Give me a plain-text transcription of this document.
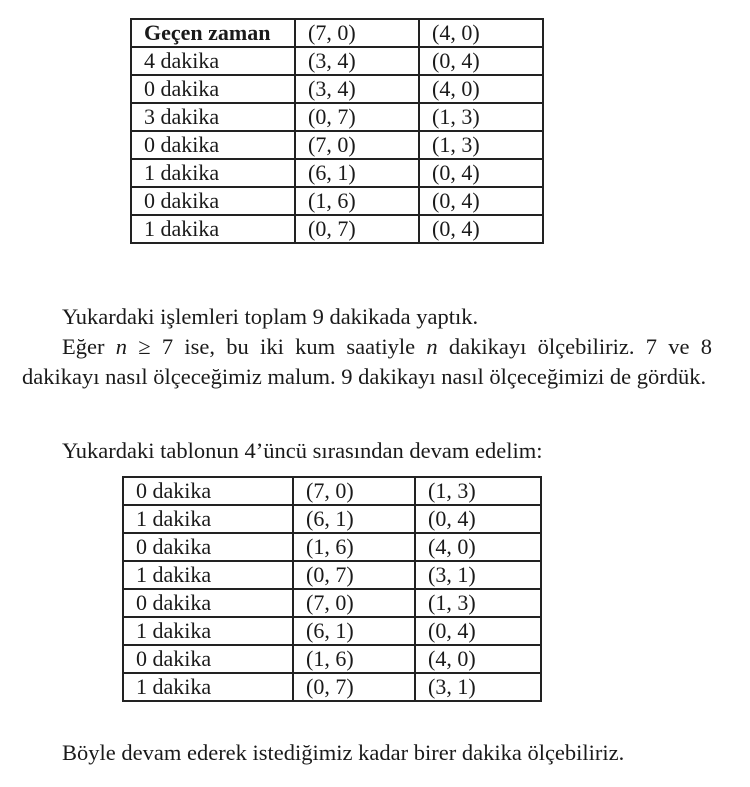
Geçen zaman	(7, 0)	(4, 0)
4 dakika	(3, 4)	(0, 4)
0 dakika	(3, 4)	(4, 0)
3 dakika	(0, 7)	(1, 3)
0 dakika	(7, 0)	(1, 3)
1 dakika	(6, 1)	(0, 4)
0 dakika	(1, 6)	(0, 4)
1 dakika	(0, 7)	(0, 4)

Yukardaki işlemleri toplam 9 dakikada yaptık.

Eğer n ≥ 7 ise, bu iki kum saatiyle n dakikayı ölçebiliriz. 7 ve 8 dakikayı nasıl ölçeceğimiz malum. 9 dakikayı nasıl ölçeceğimizi de gördük.

Yukardaki tablonun 4’üncü sırasından devam edelim:

0 dakika	(7, 0)	(1, 3)
1 dakika	(6, 1)	(0, 4)
0 dakika	(1, 6)	(4, 0)
1 dakika	(0, 7)	(3, 1)
0 dakika	(7, 0)	(1, 3)
1 dakika	(6, 1)	(0, 4)
0 dakika	(1, 6)	(4, 0)
1 dakika	(0, 7)	(3, 1)

Böyle devam ederek istediğimiz kadar birer dakika ölçebiliriz.
